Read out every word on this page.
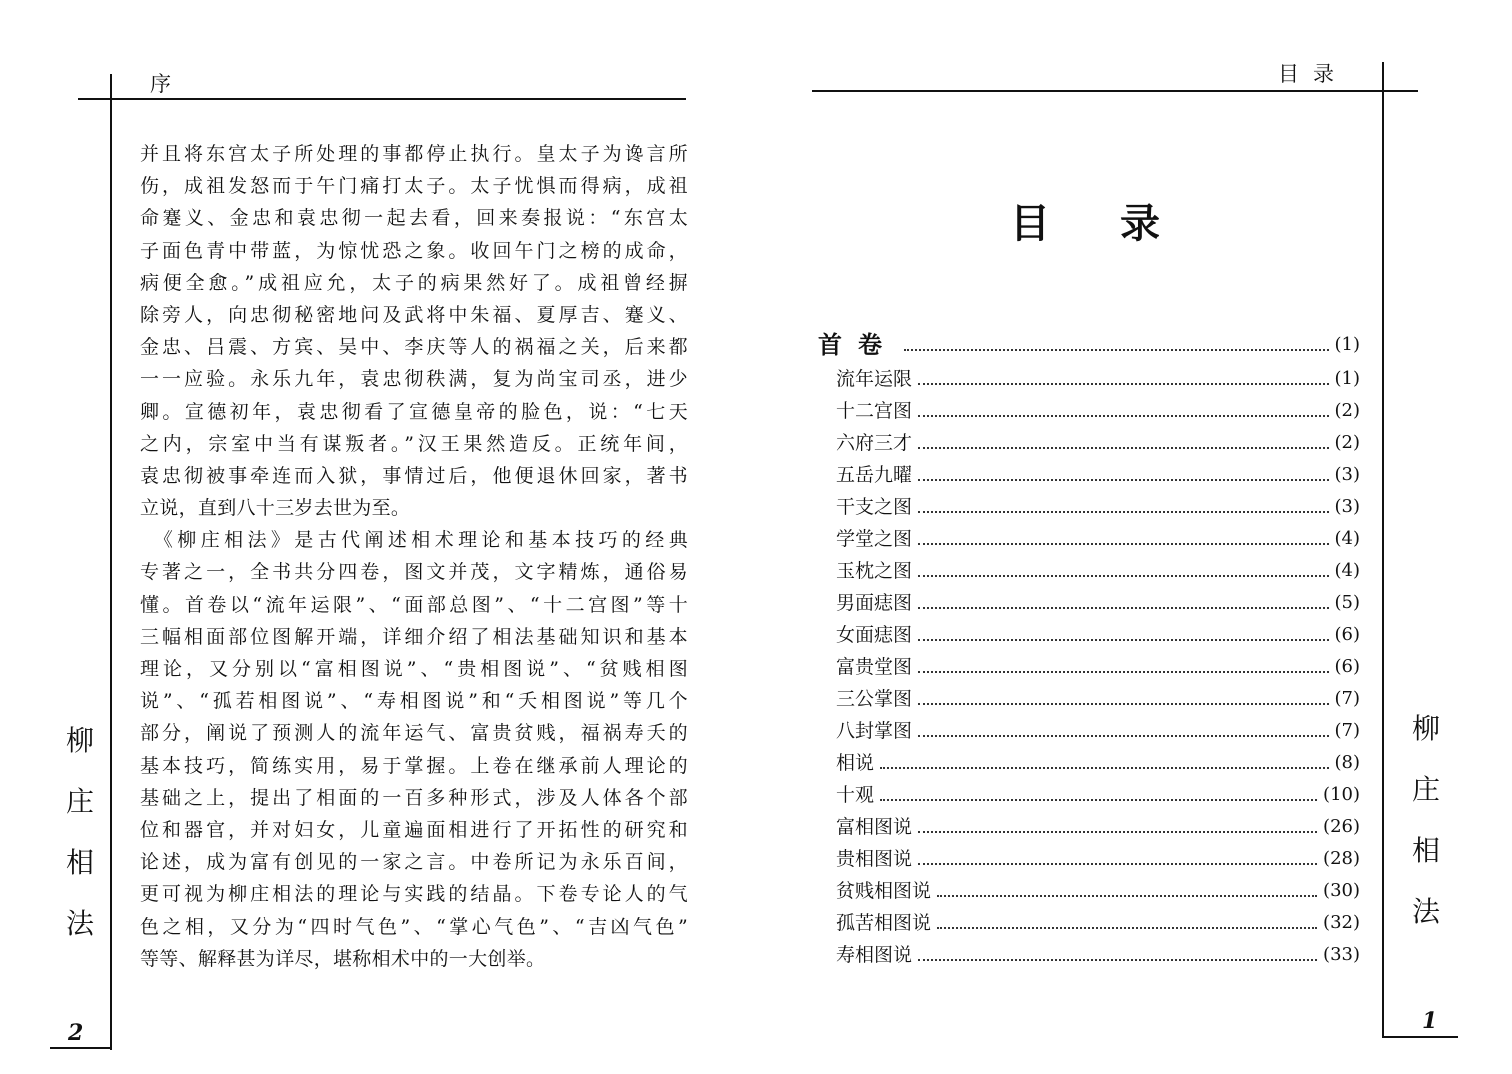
序
并且将东宫太子所处理的事都停止执行。皇太子为谗言所
伤，成祖发怒而于午门痛打太子。太子忧惧而得病，成祖
命蹇义、金忠和袁忠彻一起去看，回来奏报说：“东宫太
子面色青中带蓝，为惊忧恐之象。收回午门之榜的成命，
病便全愈。”成祖应允，太子的病果然好了。成祖曾经摒
除旁人，向忠彻秘密地问及武将中朱福、夏厚吉、蹇义、
金忠、吕震、方宾、吴中、李庆等人的祸福之关，后来都
一一应验。永乐九年，袁忠彻秩满，复为尚宝司丞，进少
卿。宣德初年，袁忠彻看了宣德皇帝的脸色，说：“七天
之内，宗室中当有谋叛者。”汉王果然造反。正统年间，
袁忠彻被事牵连而入狱，事情过后，他便退休回家，著书
立说，直到八十三岁去世为至。
　《柳庄相法》是古代阐述相术理论和基本技巧的经典
专著之一，全书共分四卷，图文并茂，文字精炼，通俗易
懂。首卷以“流年运限”、“面部总图”、“十二宫图”等十
三幅相面部位图解开端，详细介绍了相法基础知识和基本
理论，又分别以“富相图说”、“贵相图说”、“贫贱相图
说”、“孤若相图说”、“寿相图说”和“夭相图说”等几个
部分，阐说了预测人的流年运气、富贵贫贱，福祸寿夭的
基本技巧，简练实用，易于掌握。上卷在继承前人理论的
基础之上，提出了相面的一百多种形式，涉及人体各个部
位和器官，并对妇女，儿童遍面相进行了开拓性的研究和
论述，成为富有创见的一家之言。中卷所记为永乐百间，
更可视为柳庄相法的理论与实践的结晶。下卷专论人的气
色之相，又分为“四时气色”、“掌心气色”、“吉凶气色”
等等、解释甚为详尽，堪称相术中的一大创举。
柳
庄
相
法
2
目录
目录
首卷	(1)
流年运限	(1)
十二宫图	(2)
六府三才	(2)
五岳九曜	(3)
干支之图	(3)
学堂之图	(4)
玉枕之图	(4)
男面痣图	(5)
女面痣图	(6)
富贵堂图	(6)
三公掌图	(7)
八封掌图	(7)
相说	(8)
十观	(10)
富相图说	(26)
贵相图说	(28)
贫贱相图说	(30)
孤苦相图说	(32)
寿相图说	(33)
柳
庄
相
法
1
